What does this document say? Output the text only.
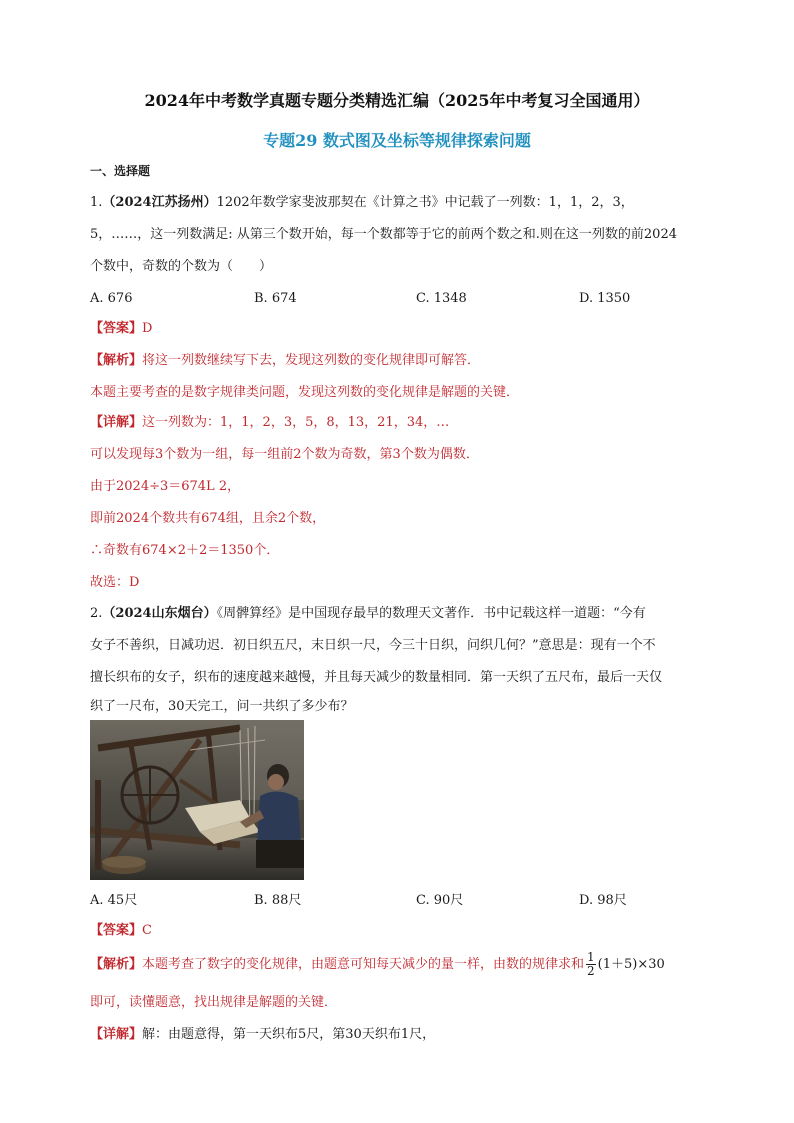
2024年中考数学真题专题分类精选汇编（2025年中考复习全国通用）
专题29 数式图及坐标等规律探索问题
一、选择题
1.（2024江苏扬州）1202年数学家斐波那契在《计算之书》中记载了一列数：1，1，2，3，
5，……，这一列数满足: 从第三个数开始，每一个数都等于它的前两个数之和.则在这一列数的前2024
个数中，奇数的个数为（　　）
A. 676	B. 674	C. 1348	D. 1350
【答案】D
【解析】将这一列数继续写下去，发现这列数的变化规律即可解答．
本题主要考查的是数字规律类问题，发现这列数的变化规律是解题的关键．
【详解】这一列数为：1，1，2，3，5，8，13，21，34，…
可以发现每3个数为一组，每一组前2个数为奇数，第3个数为偶数．
由于2024÷3＝674L 2，
即前2024个数共有674组，且余2个数，
∴奇数有674×2＋2＝1350个．
故选：D
2.（2024山东烟台）《周髀算经》是中国现存最早的数理天文著作．书中记载这样一道题：“今有
女子不善织，日减功迟．初日织五尺，末日织一尺，今三十日织，问织几何？”意思是：现有一个不
擅长织布的女子，织布的速度越来越慢，并且每天减少的数量相同．第一天织了五尺布，最后一天仅
织了一尺布，30天完工，问一共织了多少布？
A. 45尺	B. 88尺	C. 90尺	D. 98尺
【答案】C
【解析】本题考查了数字的变化规律，由题意可知每天减少的量一样，由数的规律求和 $\frac{1}{2} (1+5)\times 30$
即可，读懂题意，找出规律是解题的关键．
【详解】解：由题意得，第一天织布5尺，第30天织布1尺，
